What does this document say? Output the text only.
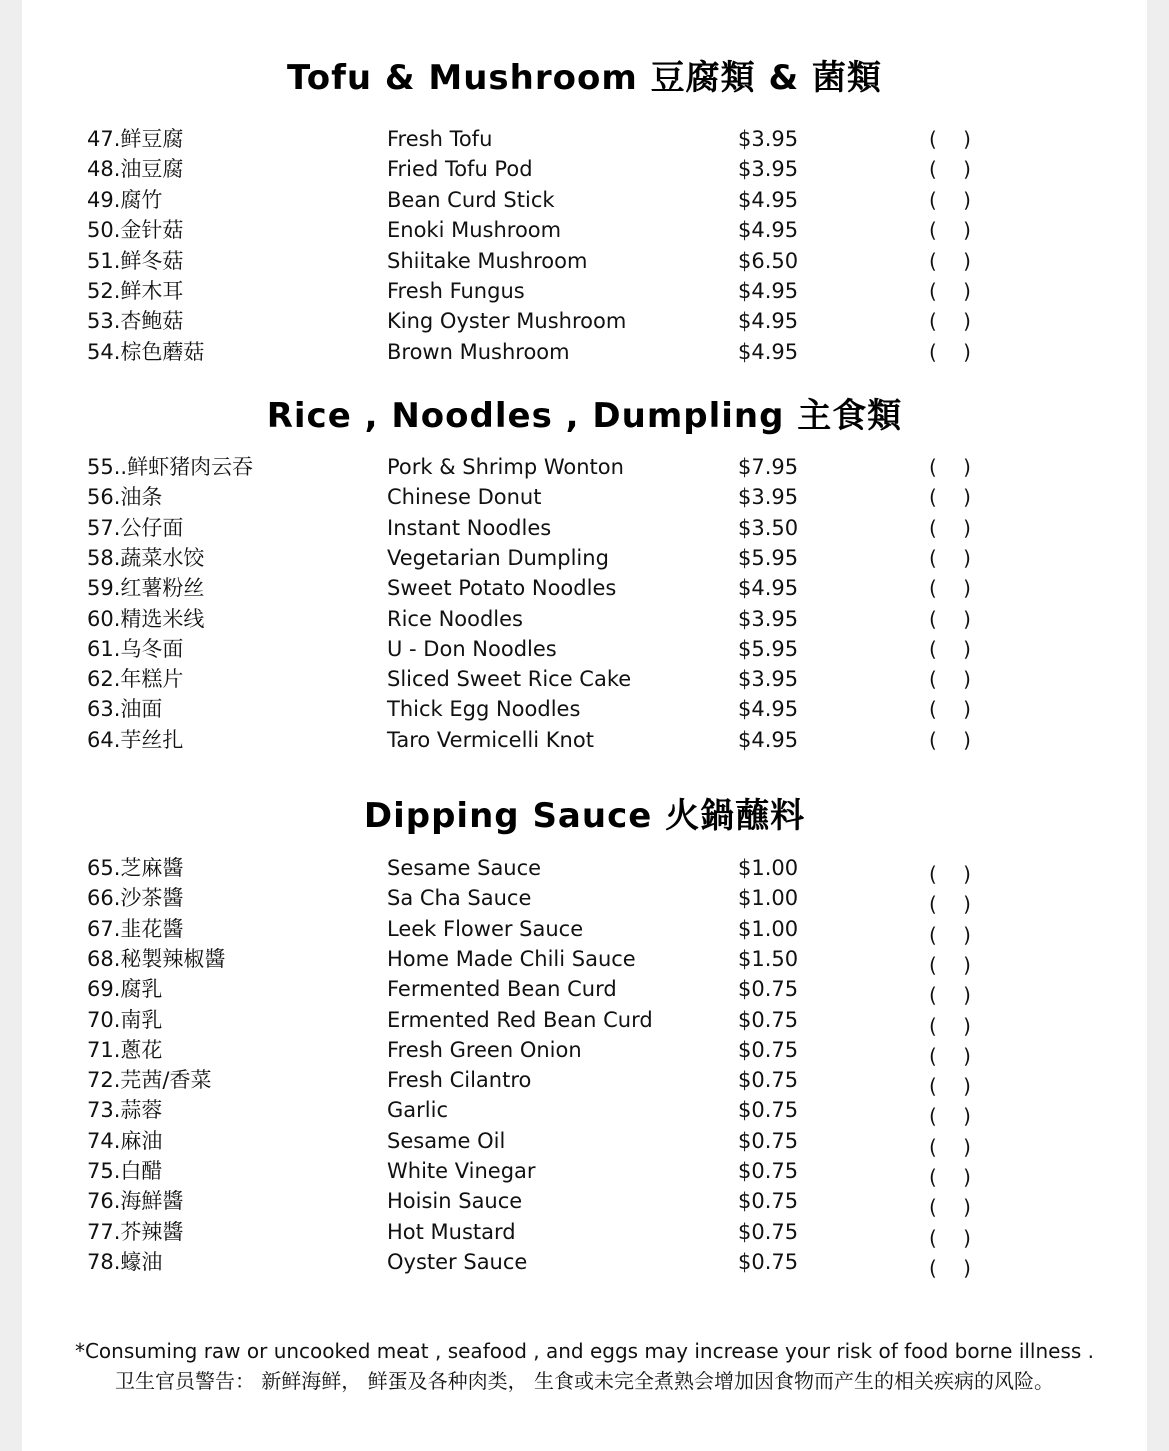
Tofu & Mushroom 豆腐類 & 菌類
47.鲜豆腐	Fresh Tofu	$3.95	( )
48.油豆腐	Fried Tofu Pod	$3.95	( )
49.腐竹	Bean Curd Stick	$4.95	( )
50.金针菇	Enoki Mushroom	$4.95	( )
51.鲜冬菇	Shiitake Mushroom	$6.50	( )
52.鲜木耳	Fresh Fungus	$4.95	( )
53.杏鲍菇	King Oyster Mushroom	$4.95	( )
54.棕色蘑菇	Brown Mushroom	$4.95	( )
Rice , Noodles , Dumpling 主食類
55..鲜虾猪肉云吞	Pork & Shrimp Wonton	$7.95	( )
56.油条	Chinese Donut	$3.95	( )
57.公仔面	Instant Noodles	$3.50	( )
58.蔬菜水饺	Vegetarian Dumpling	$5.95	( )
59.红薯粉丝	Sweet Potato Noodles	$4.95	( )
60.精选米线	Rice Noodles	$3.95	( )
61.乌冬面	U - Don Noodles	$5.95	( )
62.年糕片	Sliced Sweet Rice Cake	$3.95	( )
63.油面	Thick Egg Noodles	$4.95	( )
64.芋丝扎	Taro Vermicelli Knot	$4.95	( )
Dipping Sauce 火鍋蘸料
65.芝麻醬	Sesame Sauce	$1.00	( )
66.沙茶醬	Sa Cha Sauce	$1.00	( )
67.韭花醬	Leek Flower Sauce	$1.00	( )
68.秘製辣椒醬	Home Made Chili Sauce	$1.50	( )
69.腐乳	Fermented Bean Curd	$0.75	( )
70.南乳	Ermented Red Bean Curd	$0.75	( )
71.蔥花	Fresh Green Onion	$0.75	( )
72.芫茜/香菜	Fresh Cilantro	$0.75	( )
73.蒜蓉	Garlic	$0.75	( )
74.麻油	Sesame Oil	$0.75	( )
75.白醋	White Vinegar	$0.75	( )
76.海鮮醬	Hoisin Sauce	$0.75	( )
77.芥辣醬	Hot Mustard	$0.75	( )
78.蠔油	Oyster Sauce	$0.75	( )
*Consuming raw or uncooked meat , seafood , and eggs may increase your risk of food borne illness .
卫生官员警告： 新鲜海鲜， 鲜蛋及各种肉类， 生食或未完全煮熟会增加因食物而产生的相关疾病的风险。
